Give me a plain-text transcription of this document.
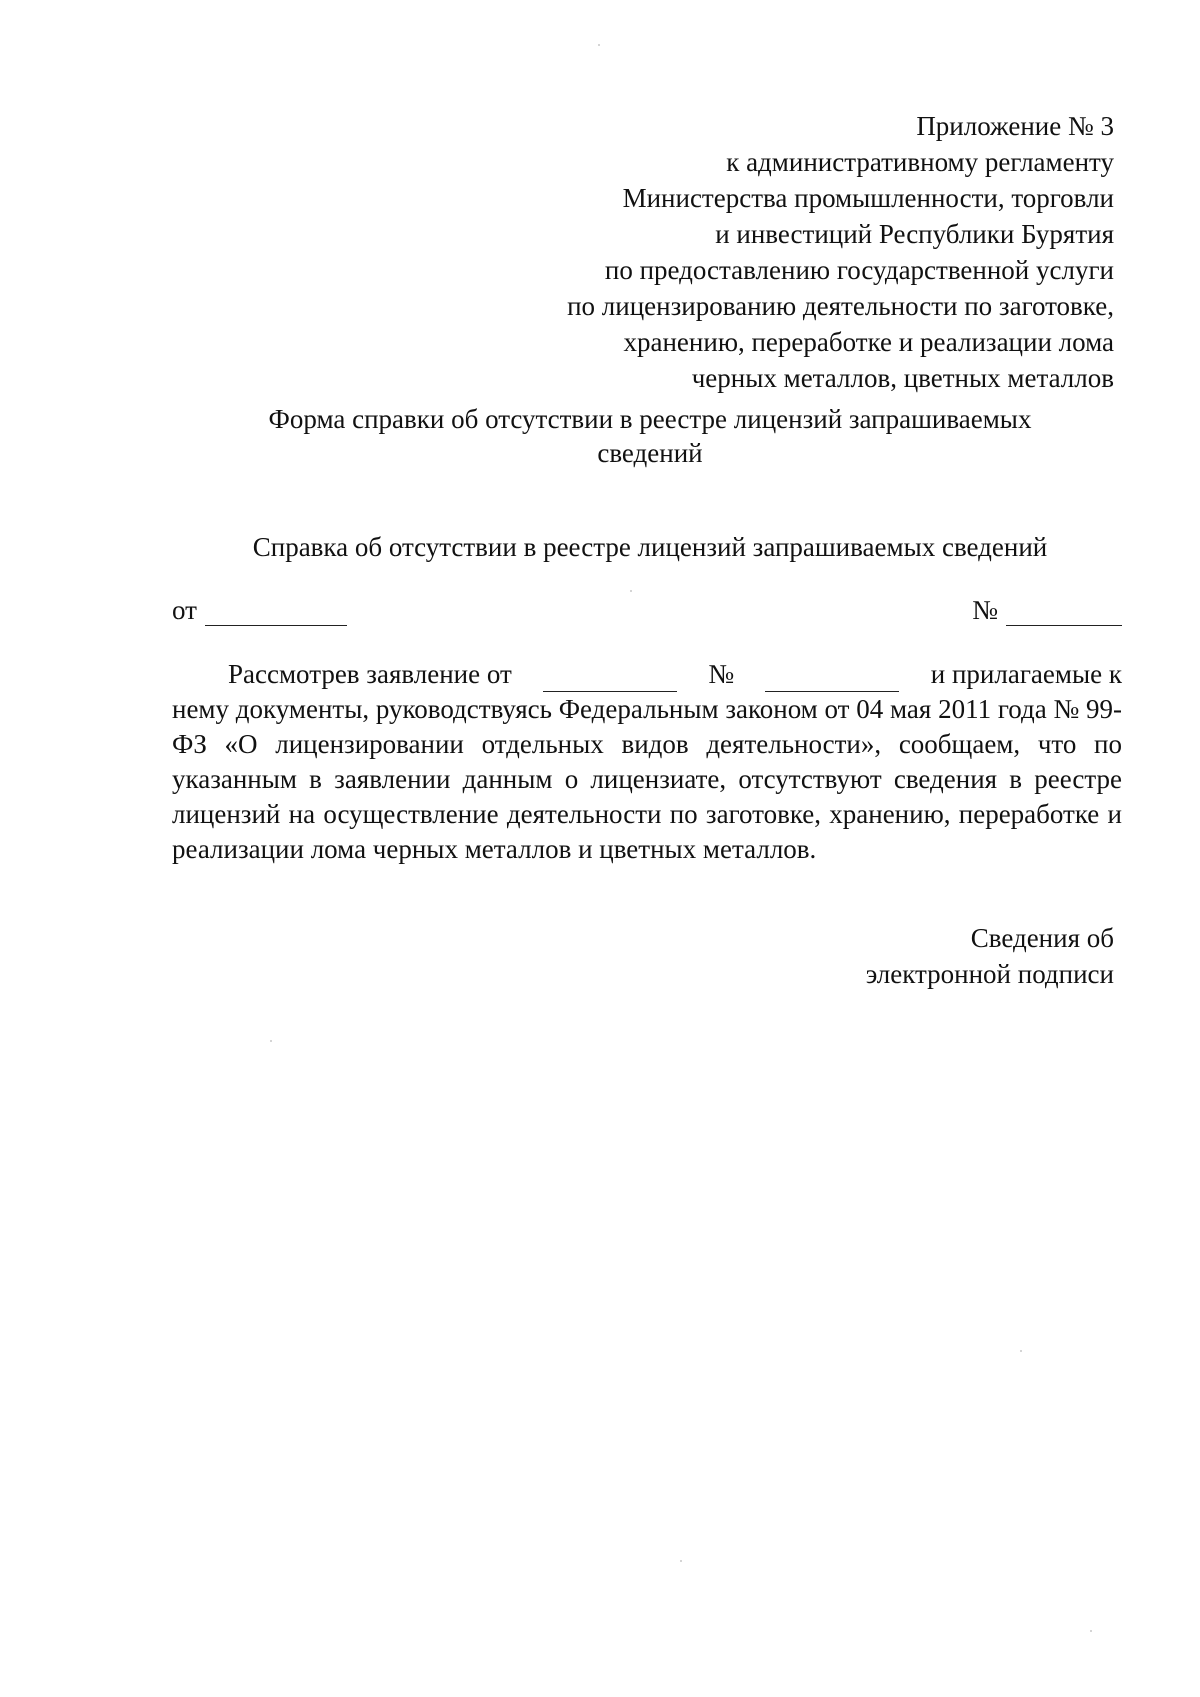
Приложение № 3
к административному регламенту
Министерства промышленности, торговли
и инвестиций Республики Бурятия
по предоставлению государственной услуги
по лицензированию деятельности по заготовке,
хранению, переработке и реализации лома
черных металлов, цветных металлов
Форма справки об отсутствии в реестре лицензий запрашиваемых
сведений
Справка об отсутствии в реестре лицензий запрашиваемых сведений
от	№
Рассмотрев заявление от	№	и прилагаемые к
нему документы, руководствуясь Федеральным законом от 04 мая 2011 года № 99-ФЗ «О лицензировании отдельных видов деятельности», сообщаем, что по указанным в заявлении данным о лицензиате, отсутствуют сведения в реестре лицензий на осуществление деятельности по заготовке, хранению, переработке и реализации лома черных металлов и цветных металлов.
Сведения об
электронной подписи
